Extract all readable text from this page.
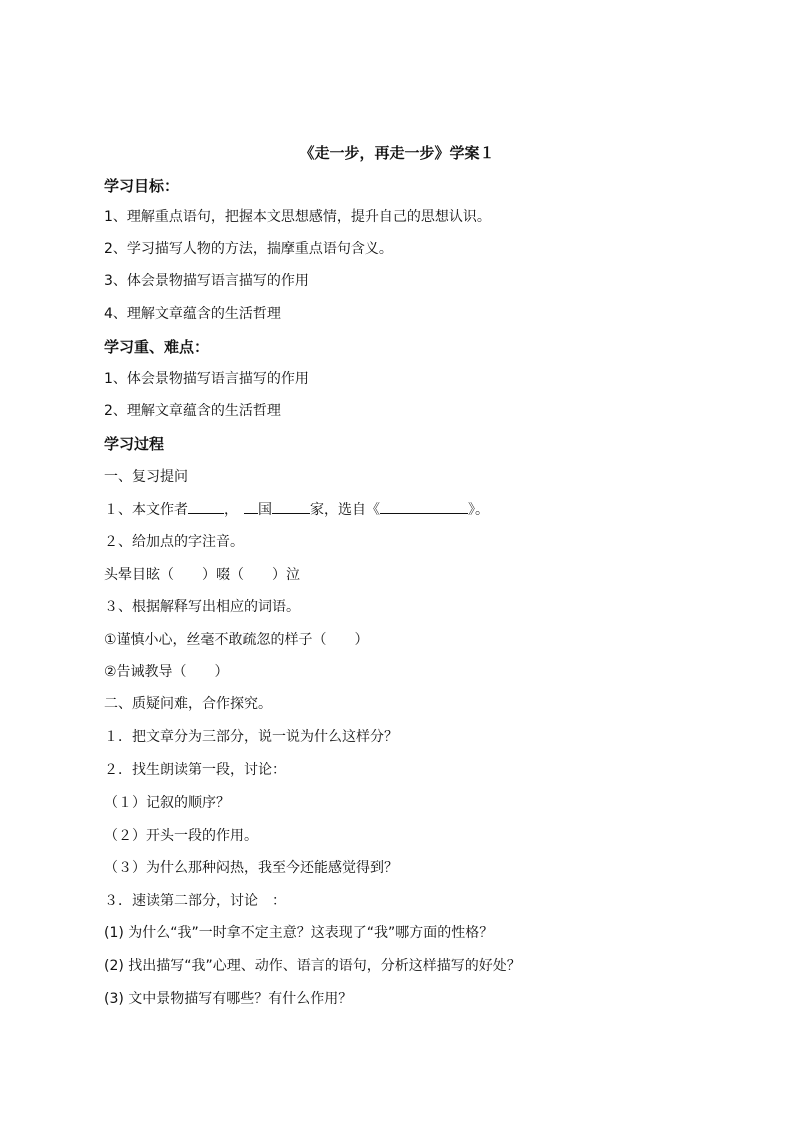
《走一步，再走一步》学案１
学习目标：
1、理解重点语句，把握本文思想感情，提升自己的思想认识。
2、学习描写人物的方法，揣摩重点语句含义。
3、体会景物描写语言描写的作用
4、理解文章蕴含的生活哲理
学习重、难点：
1、体会景物描写语言描写的作用
2、理解文章蕴含的生活哲理
学习过程
一、复习提问
１、本文作者	， 国	家，选自《	》。
２、给加点的字注音。
头晕目眩（　　）啜（　　）泣
３、根据解释写出相应的词语。
①谨慎小心，丝毫不敢疏忽的样子（　　）
②告诫教导（　　）
二、质疑问难，合作探究。
１．把文章分为三部分，说一说为什么这样分？
２．找生朗读第一段，讨论：
（１）记叙的顺序？
（２）开头一段的作用。
（３）为什么那种闷热，我至今还能感觉得到？
３．速读第二部分，讨论　：
(1) 为什么“我”一时拿不定主意？这表现了“我”哪方面的性格？
(2) 找出描写“我”心理、动作、语言的语句，分析这样描写的好处？
(3) 文中景物描写有哪些？有什么作用？
